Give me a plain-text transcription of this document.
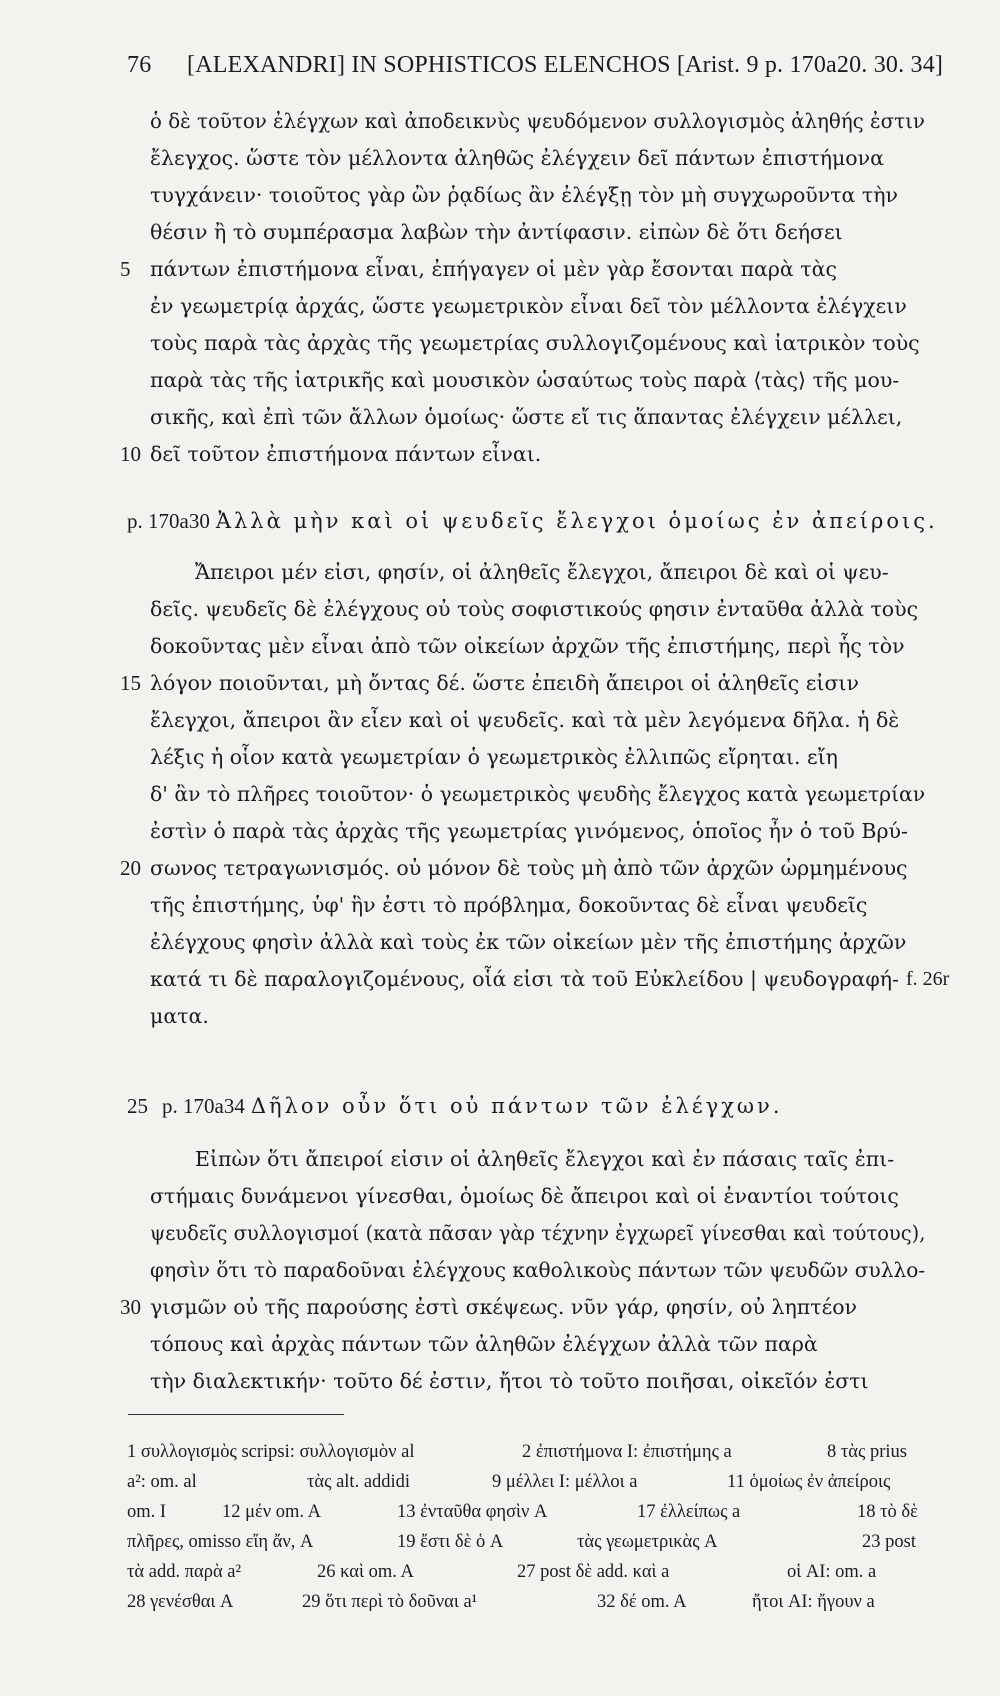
76 [ALEXANDRI] IN SOPHISTICOS ELENCHOS [Arist. 9 p. 170a20. 30. 34]
ὁ δὲ τοῦτον ἐλέγχων καὶ ἀποδεικνὺς ψευδόμενον συλλογισμὸς ἀληθής ἐστιν
ἔλεγχος. ὥστε τὸν μέλλοντα ἀληθῶς ἐλέγχειν δεῖ πάντων ἐπιστήμονα
τυγχάνειν· τοιοῦτος γὰρ ὢν ῥᾳδίως ἂν ἐλέγξῃ τὸν μὴ συγχωροῦντα τὴν
θέσιν ἢ τὸ συμπέρασμα λαβὼν τὴν ἀντίφασιν. εἰπὼν δὲ ὅτι δεήσει
5 πάντων ἐπιστήμονα εἶναι, ἐπήγαγεν οἱ μὲν γὰρ ἔσονται παρὰ τὰς
ἐν γεωμετρίᾳ ἀρχάς, ὥστε γεωμετρικὸν εἶναι δεῖ τὸν μέλλοντα ἐλέγχειν
τοὺς παρὰ τὰς ἀρχὰς τῆς γεωμετρίας συλλογιζομένους καὶ ἰατρικὸν τοὺς
παρὰ τὰς τῆς ἰατρικῆς καὶ μουσικὸν ὡσαύτως τοὺς παρὰ ⟨τὰς⟩ τῆς μου-
σικῆς, καὶ ἐπὶ τῶν ἄλλων ὁμοίως· ὥστε εἴ τις ἅπαντας ἐλέγχειν μέλλει,
10 δεῖ τοῦτον ἐπιστήμονα πάντων εἶναι.
p. 170a30 Ἀλλὰ μὴν καὶ οἱ ψευδεῖς ἔλεγχοι ὁμοίως ἐν ἀπείροις.
Ἄπειροι μέν εἰσι, φησίν, οἱ ἀληθεῖς ἔλεγχοι, ἄπειροι δὲ καὶ οἱ ψευ-
δεῖς. ψευδεῖς δὲ ἐλέγχους οὐ τοὺς σοφιστικούς φησιν ἐνταῦθα ἀλλὰ τοὺς
δοκοῦντας μὲν εἶναι ἀπὸ τῶν οἰκείων ἀρχῶν τῆς ἐπιστήμης, περὶ ἧς τὸν
15 λόγον ποιοῦνται, μὴ ὄντας δέ. ὥστε ἐπειδὴ ἄπειροι οἱ ἀληθεῖς εἰσιν
ἔλεγχοι, ἄπειροι ἂν εἶεν καὶ οἱ ψευδεῖς. καὶ τὰ μὲν λεγόμενα δῆλα. ἡ δὲ
λέξις ἡ οἷον κατὰ γεωμετρίαν ὁ γεωμετρικὸς ἐλλιπῶς εἴρηται. εἴη
δ' ἂν τὸ πλῆρες τοιοῦτον· ὁ γεωμετρικὸς ψευδὴς ἔλεγχος κατὰ γεωμετρίαν
ἐστὶν ὁ παρὰ τὰς ἀρχὰς τῆς γεωμετρίας γινόμενος, ὁποῖος ἦν ὁ τοῦ Βρύ-
20 σωνος τετραγωνισμός. οὐ μόνον δὲ τοὺς μὴ ἀπὸ τῶν ἀρχῶν ὡρμημένους
τῆς ἐπιστήμης, ὑφ' ἣν ἐστι τὸ πρόβλημα, δοκοῦντας δὲ εἶναι ψευδεῖς
ἐλέγχους φησὶν ἀλλὰ καὶ τοὺς ἐκ τῶν οἰκείων μὲν τῆς ἐπιστήμης ἀρχῶν
κατά τι δὲ παραλογιζομένους, οἷά εἰσι τὰ τοῦ Εὐκλείδου | ψευδογραφή-
ματα.
f. 26r
25 p. 170a34 Δῆλον οὖν ὅτι οὐ πάντων τῶν ἐλέγχων.
Εἰπὼν ὅτι ἄπειροί εἰσιν οἱ ἀληθεῖς ἔλεγχοι καὶ ἐν πάσαις ταῖς ἐπι-
στήμαις δυνάμενοι γίνεσθαι, ὁμοίως δὲ ἄπειροι καὶ οἱ ἐναντίοι τούτοις
ψευδεῖς συλλογισμοί (κατὰ πᾶσαν γὰρ τέχνην ἐγχωρεῖ γίνεσθαι καὶ τούτους),
φησὶν ὅτι τὸ παραδοῦναι ἐλέγχους καθολικοὺς πάντων τῶν ψευδῶν συλλο-
30 γισμῶν οὐ τῆς παρούσης ἐστὶ σκέψεως. νῦν γάρ, φησίν, οὐ ληπτέον
τόπους καὶ ἀρχὰς πάντων τῶν ἀληθῶν ἐλέγχων ἀλλὰ τῶν παρὰ
τὴν διαλεκτικήν· τοῦτο δέ ἐστιν, ἤτοι τὸ τοῦτο ποιῆσαι, οἰκεῖόν ἐστι
1 συλλογισμὸς scripsi: συλλογισμὸν al	2 ἐπιστήμονα I: ἐπιστήμης a	8 τὰς prius
a²: om. al	τὰς alt. addidi	9 μέλλει I: μέλλοι a	11 ὁμοίως ἐν ἀπείροις
om. I	12 μέν om. A	13 ἐνταῦθα φησὶν A	17 ἐλλείπως a	18 τὸ δὲ
πλῆρες, omisso εἴη ἄν, A	19 ἔστι δὲ ὁ A	τὰς γεωμετρικὰς A	23 post
τὰ add. παρὰ a²	26 καὶ om. A	27 post δὲ add. καὶ a	οἱ AI: om. a
28 γενέσθαι A	29 ὅτι περὶ τὸ δοῦναι a¹	32 δέ om. A	ἤτοι AI: ἤγουν a
